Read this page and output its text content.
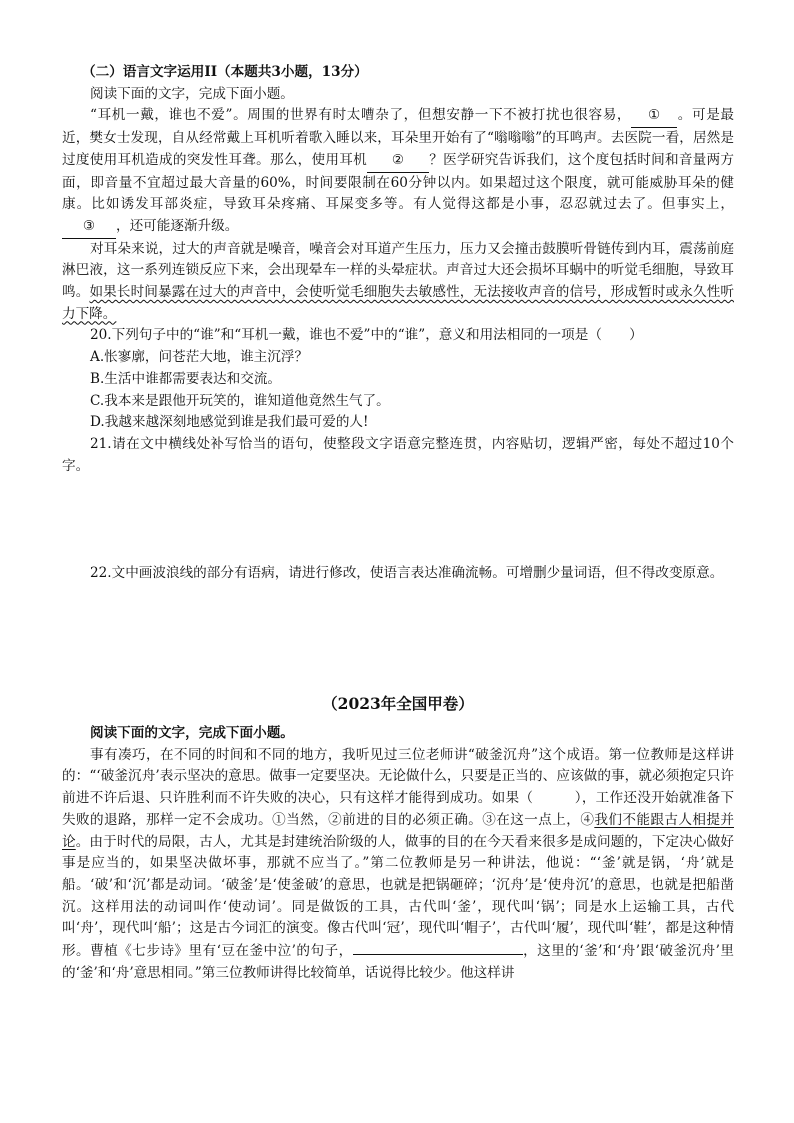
（二）语言文字运用II（本题共3小题，13分）

阅读下面的文字，完成下面小题。

“耳机一戴，谁也不爱”。周围的世界有时太嘈杂了，但想安静一下不被打扰也很容易， ① 。可是最近，樊女士发现，自从经常戴上耳机听着歌入睡以来，耳朵里开始有了“嗡嗡嗡”的耳鸣声。去医院一看，居然是过度使用耳机造成的突发性耳聋。那么，使用耳机 ② ？医学研究告诉我们，这个度包括时间和音量两方面，即音量不宜超过最大音量的60%，时间要限制在60分钟以内。如果超过这个限度，就可能威胁耳朵的健康。比如诱发耳部炎症，导致耳朵疼痛、耳屎变多等。有人觉得这都是小事，忍忍就过去了。但事实上，③ ，还可能逐渐升级。

对耳朵来说，过大的声音就是噪音，噪音会对耳道产生压力，压力又会撞击鼓膜听骨链传到内耳，震荡前庭淋巴液，这一系列连锁反应下来，会出现晕车一样的头晕症状。声音过大还会损坏耳蜗中的听觉毛细胞，导致耳鸣。如果长时间暴露在过大的声音中，会使听觉毛细胞失去敏感性，无法接收声音的信号，形成暂时或永久性听力下降。

20.下列句子中的“谁”和“耳机一戴，谁也不爱”中的“谁”，意义和用法相同的一项是（　　）

A.怅寥廓，问苍茫大地，谁主沉浮？

B.生活中谁都需要表达和交流。

C.我本来是跟他开玩笑的，谁知道他竟然生气了。

D.我越来越深刻地感觉到谁是我们最可爱的人!

21.请在文中横线处补写恰当的语句，使整段文字语意完整连贯，内容贴切，逻辑严密，每处不超过10个字。

22.文中画波浪线的部分有语病，请进行修改，使语言表达准确流畅。可增删少量词语，但不得改变原意。

（2023年全国甲卷）

阅读下面的文字，完成下面小题。

事有凑巧，在不同的时间和不同的地方，我听见过三位老师讲“破釜沉舟”这个成语。第一位教师是这样讲的：“‘破釜沉舟’表示坚决的意思。做事一定要坚决。无论做什么，只要是正当的、应该做的事，就必须抱定只许前进不许后退、只许胜利而不许失败的决心，只有这样才能得到成功。如果（　　　），工作还没开始就准备下失败的退路，那样一定不会成功。①当然，②前进的目的必须正确。③在这一点上，④我们不能跟古人相提并论。由于时代的局限，古人，尤其是封建统治阶级的人，做事的目的在今天看来很多是成问题的，下定决心做好事是应当的，如果坚决做坏事，那就不应当了。”第二位教师是另一种讲法，他说：“‘釜’就是锅，‘舟’就是船。‘破’和‘沉’都是动词。‘破釜’是‘使釜破’的意思，也就是把锅砸碎；‘沉舟’是‘使舟沉’的意思，也就是把船凿沉。这样用法的动词叫作‘使动词’。同是做饭的工具，古代叫‘釜’，现代叫‘锅’；同是水上运输工具，古代叫‘舟’，现代叫‘船’；这是古今词汇的演变。像古代叫‘冠’，现代叫‘帽子’，古代叫‘履’，现代叫‘鞋’，都是这种情形。曹植《七步诗》里有‘豆在釜中泣’的句子，	，这里的‘釜’和‘舟’跟‘破釜沉舟’里的‘釜’和‘舟’意思相同。”第三位教师讲得比较简单，话说得比较少。他这样讲
